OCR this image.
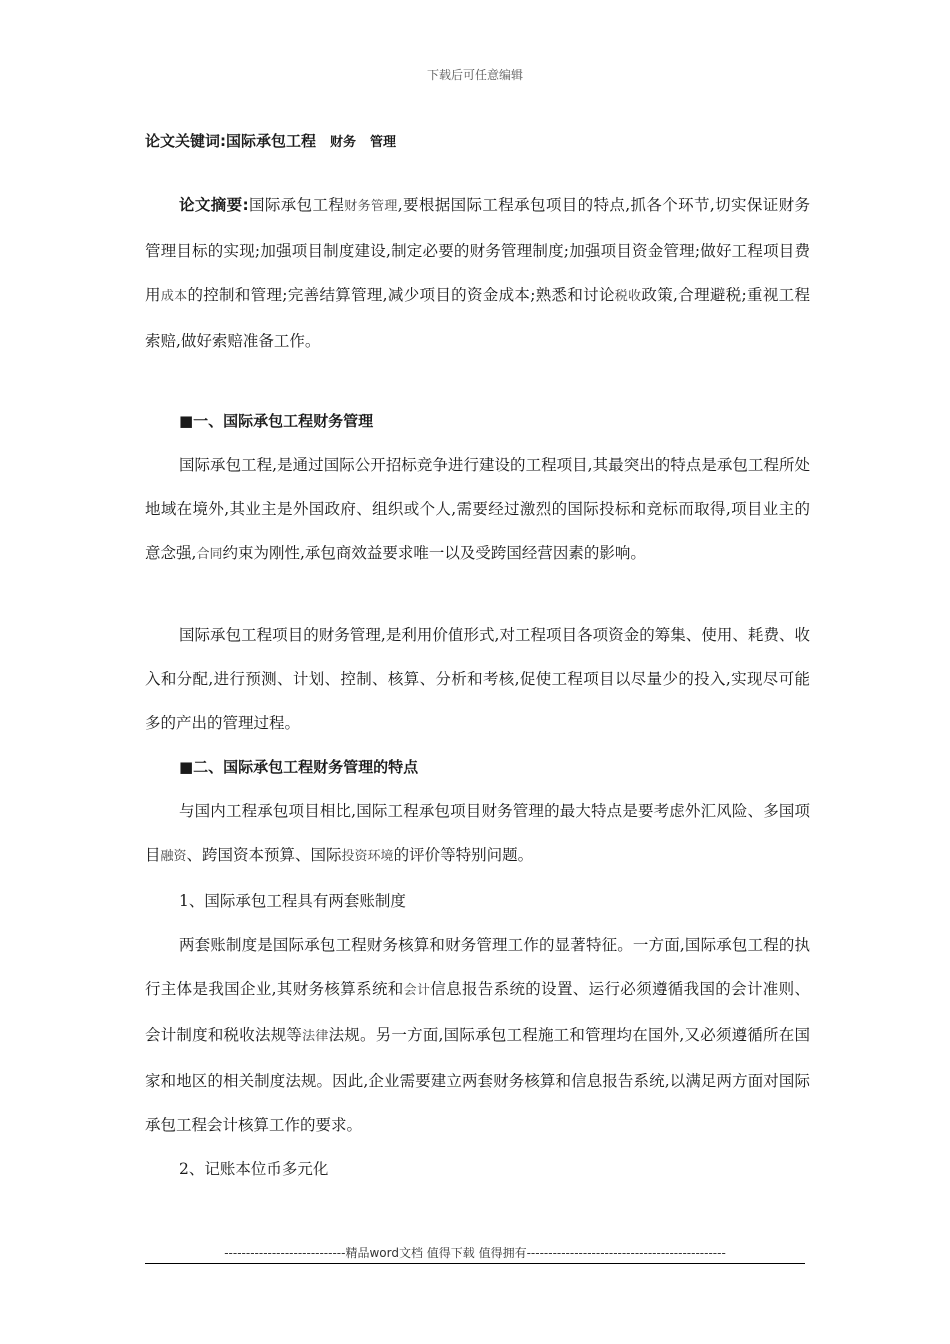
下载后可任意编辑
论文关键词:国际承包工程 财务 管理

论文摘要:国际承包工程财务管理,要根据国际工程承包项目的特点,抓各个环节,切实保证财务管理目标的实现;加强项目制度建设,制定必要的财务管理制度;加强项目资金管理;做好工程项目费用成本的控制和管理;完善结算管理,减少项目的资金成本;熟悉和讨论税收政策,合理避税;重视工程索赔,做好索赔准备工作。

■一、国际承包工程财务管理

国际承包工程,是通过国际公开招标竞争进行建设的工程项目,其最突出的特点是承包工程所处地域在境外,其业主是外国政府、组织或个人,需要经过激烈的国际投标和竞标而取得,项目业主的意念强,合同约束为刚性,承包商效益要求唯一以及受跨国经营因素的影响。

国际承包工程项目的财务管理,是利用价值形式,对工程项目各项资金的筹集、使用、耗费、收入和分配,进行预测、计划、控制、核算、分析和考核,促使工程项目以尽量少的投入,实现尽可能多的产出的管理过程。

■二、国际承包工程财务管理的特点

与国内工程承包项目相比,国际工程承包项目财务管理的最大特点是要考虑外汇风险、多国项目融资、跨国资本预算、国际投资环境的评价等特别问题。

1、国际承包工程具有两套账制度

两套账制度是国际承包工程财务核算和财务管理工作的显著特征。一方面,国际承包工程的执行主体是我国企业,其财务核算系统和会计信息报告系统的设置、运行必须遵循我国的会计准则、会计制度和税收法规等法律法规。另一方面,国际承包工程施工和管理均在国外,又必须遵循所在国家和地区的相关制度法规。因此,企业需要建立两套财务核算和信息报告系统,以满足两方面对国际承包工程会计核算工作的要求。

2、记账本位币多元化

----------------------------精品word文档 值得下载 值得拥有----------------------------------------------
